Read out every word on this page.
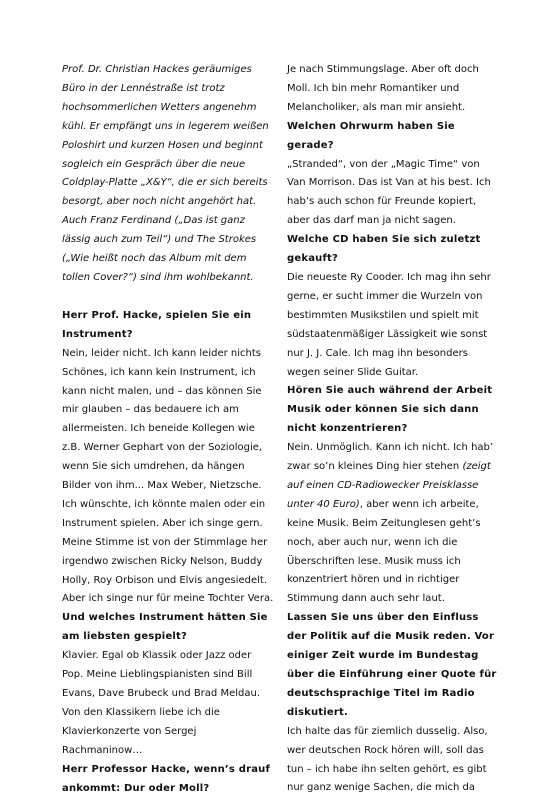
Prof. Dr. Christian Hackes geräumiges Büro in der Lennéstraße ist trotz hochsommerlichen Wetters angenehm kühl. Er empfängt uns in legerem weißen Poloshirt und kurzen Hosen und beginnt sogleich ein Gespräch über die neue Coldplay-Platte „X&Y“, die er sich bereits besorgt, aber noch nicht angehört hat. Auch Franz Ferdinand („Das ist ganz lässig auch zum Teil“) und The Strokes („Wie heißt noch das Album mit dem tollen Cover?“) sind ihm wohlbekannt.

Herr Prof. Hacke, spielen Sie ein Instrument?

Nein, leider nicht. Ich kann leider nichts Schönes, ich kann kein Instrument, ich kann nicht malen, und – das können Sie mir glauben – das bedauere ich am allermeisten. Ich beneide Kollegen wie z.B. Werner Gephart von der Soziologie, wenn Sie sich umdrehen, da hängen Bilder von ihm... Max Weber, Nietzsche. Ich wünschte, ich könnte malen oder ein Instrument spielen. Aber ich singe gern. Meine Stimme ist von der Stimmlage her irgendwo zwischen Ricky Nelson, Buddy Holly, Roy Orbison und Elvis angesiedelt. Aber ich singe nur für meine Tochter Vera.

Und welches Instrument hätten Sie am liebsten gespielt?

Klavier. Egal ob Klassik oder Jazz oder Pop. Meine Lieblingspianisten sind Bill Evans, Dave Brubeck und Brad Meldau. Von den Klassikern liebe ich die Klavierkonzerte von Sergej Rachmaninow…

Herr Professor Hacke, wenn’s drauf ankommt: Dur oder Moll?

Je nach Stimmungslage. Aber oft doch Moll. Ich bin mehr Romantiker und Melancholiker, als man mir ansieht.

Welchen Ohrwurm haben Sie gerade?

„Stranded“, von der „Magic Time“ von Van Morrison. Das ist Van at his best. Ich hab’s auch schon für Freunde kopiert, aber das darf man ja nicht sagen.

Welche CD haben Sie sich zuletzt gekauft?

Die neueste Ry Cooder. Ich mag ihn sehr gerne, er sucht immer die Wurzeln von bestimmten Musikstilen und spielt mit südstaatenmäßiger Lässigkeit wie sonst nur J. J. Cale. Ich mag ihn besonders wegen seiner Slide Guitar.

Hören Sie auch während der Arbeit Musik oder können Sie sich dann nicht konzentrieren?

Nein. Unmöglich. Kann ich nicht. Ich hab’ zwar so’n kleines Ding hier stehen (zeigt auf einen CD-Radiowecker Preisklasse unter 40 Euro), aber wenn ich arbeite, keine Musik. Beim Zeitunglesen geht’s noch, aber auch nur, wenn ich die Überschriften lese. Musik muss ich konzentriert hören und in richtiger Stimmung dann auch sehr laut.

Lassen Sie uns über den Einfluss der Politik auf die Musik reden. Vor einiger Zeit wurde im Bundestag über die Einführung einer Quote für deutschsprachige Titel im Radio diskutiert.

Ich halte das für ziemlich dusselig. Also, wer deutschen Rock hören will, soll das tun – ich habe ihn selten gehört, es gibt nur ganz wenige Sachen, die mich da
